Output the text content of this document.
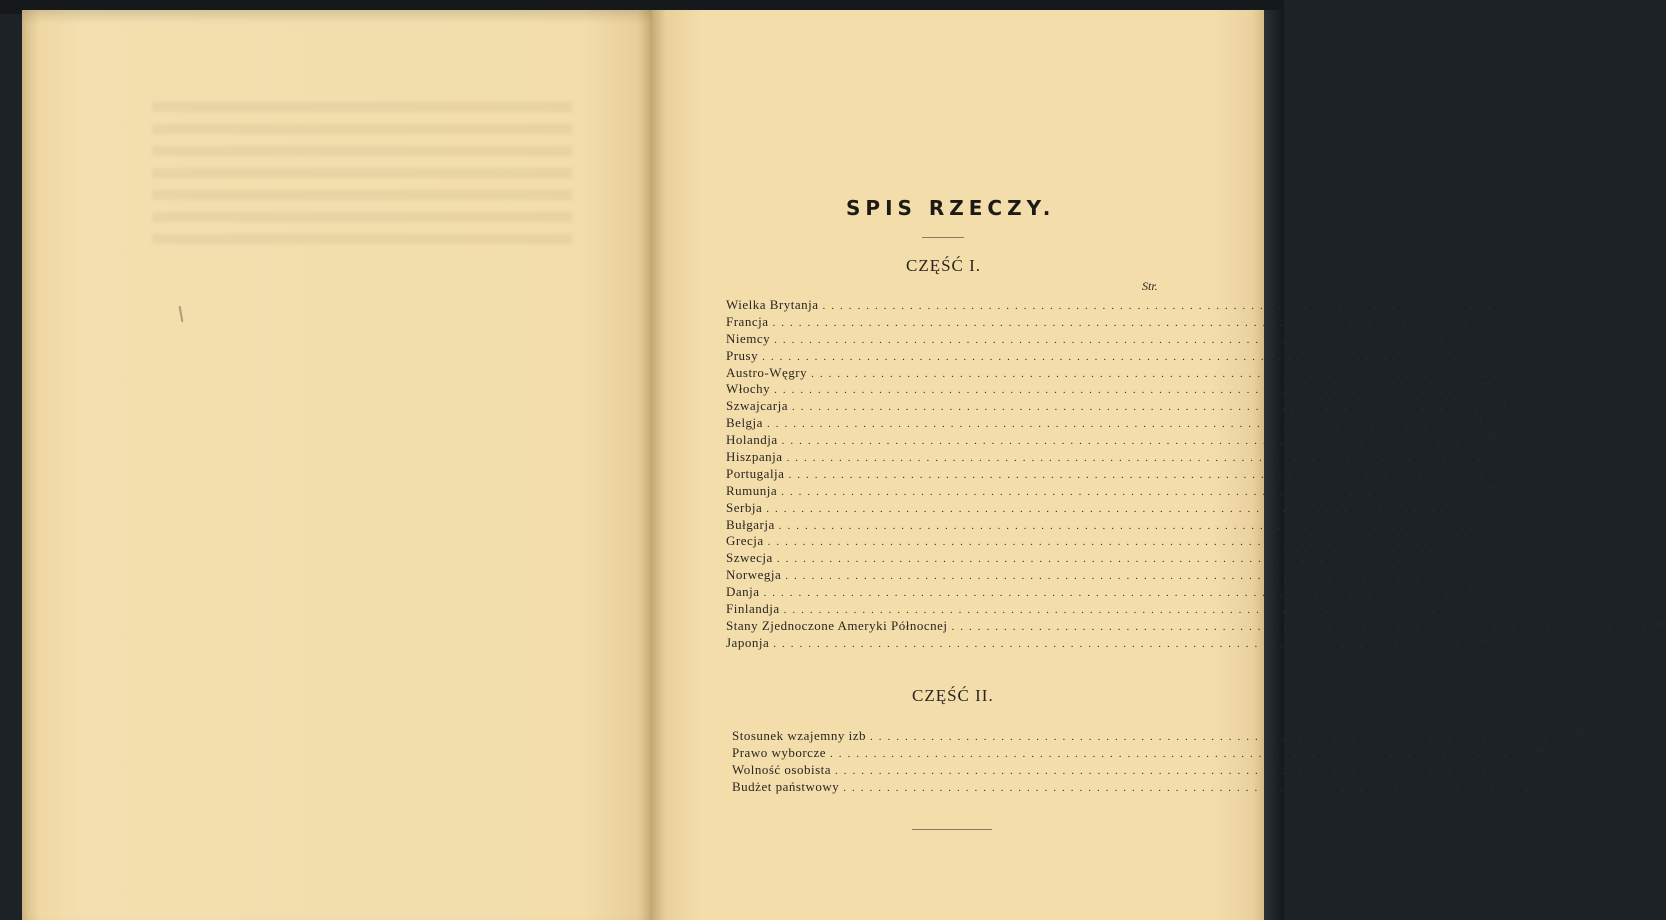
SPIS RZECZY.
CZĘŚĆ I.
Str.
Wielka Brytanja ................................................................................ 7
Francja ................................................................................ 11
Niemcy ................................................................................ 13
Prusy ................................................................................ 16
Austro-Węgry ................................................................................ 18
Włochy ................................................................................ 20
Szwajcarja ................................................................................ 21
Belgja ................................................................................ 24
Holandja ................................................................................ 25
Hiszpanja ................................................................................ 26
Portugalja ................................................................................ 27
Rumunja ................................................................................ 29
Serbja ................................................................................ 30
Bułgarja ................................................................................ 31
Grecja ................................................................................ 32
Szwecja ................................................................................ 33
Norwegja ................................................................................ 35
Danja ................................................................................ 36
Finlandja ................................................................................ 37
Stany Zjednoczone Ameryki Północnej ................................................................................ 40
Japonja ................................................................................ 42
CZĘŚĆ II.
Stosunek wzajemny izb ................................................................................ 47
Prawo wyborcze ................................................................................ 48
Wolność osobista ................................................................................ 52
Budżet państwowy ................................................................................ 56
